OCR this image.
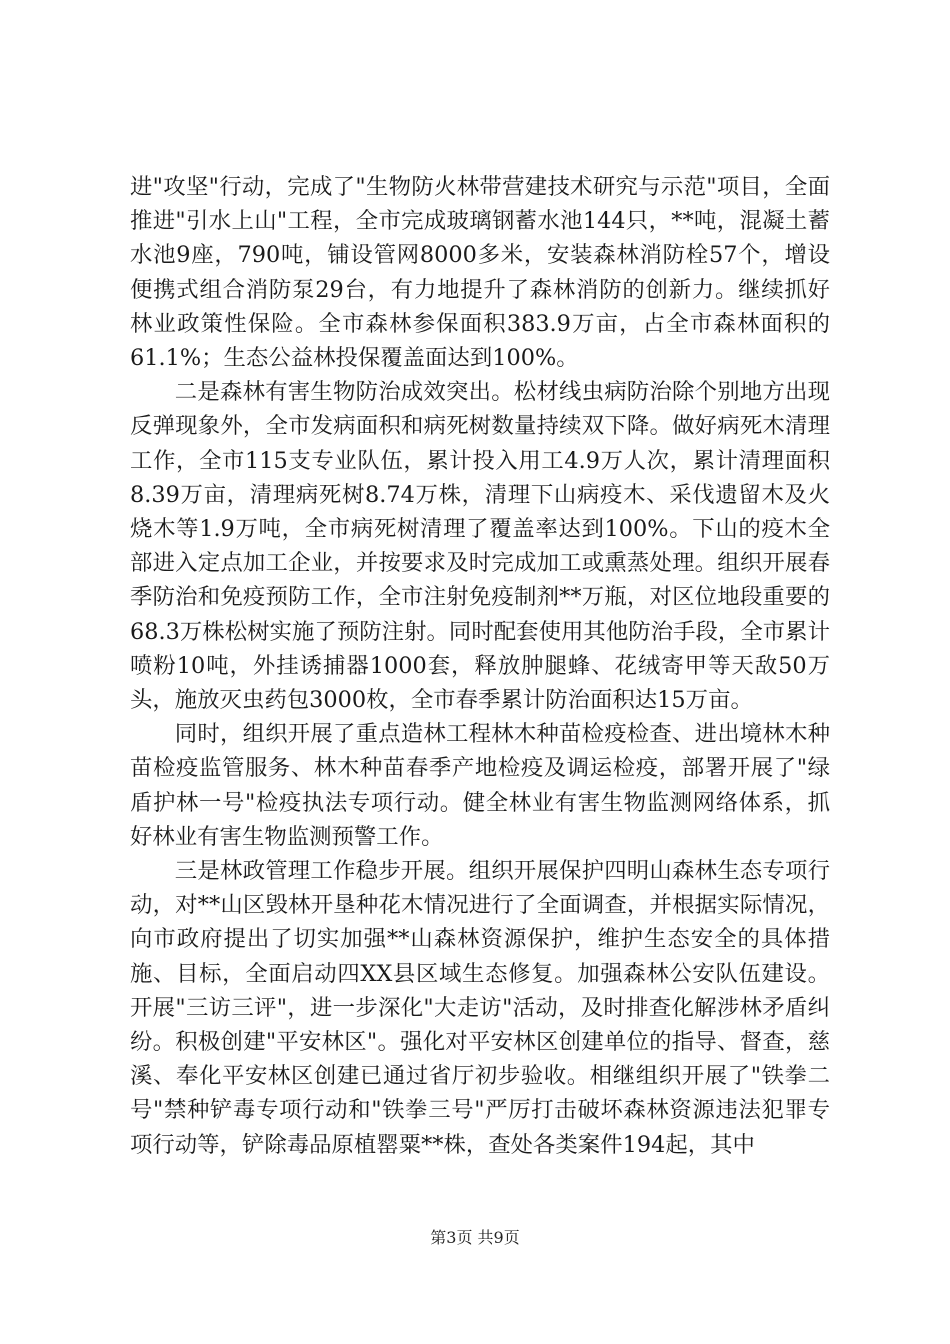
进"攻坚"行动，完成了"生物防火林带营建技术研究与示范"项目，全面推进"引水上山"工程，全市完成玻璃钢蓄水池144只，**吨，混凝土蓄水池9座，790吨，铺设管网8000多米，安装森林消防栓57个，增设便携式组合消防泵29台，有力地提升了森林消防的创新力。继续抓好林业政策性保险。全市森林参保面积383.9万亩，占全市森林面积的61.1%；生态公益林投保覆盖面达到100%。

二是森林有害生物防治成效突出。松材线虫病防治除个别地方出现反弹现象外，全市发病面积和病死树数量持续双下降。做好病死木清理工作，全市115支专业队伍，累计投入用工4.9万人次，累计清理面积8.39万亩，清理病死树8.74万株，清理下山病疫木、采伐遗留木及火烧木等1.9万吨，全市病死树清理了覆盖率达到100%。下山的疫木全部进入定点加工企业，并按要求及时完成加工或熏蒸处理。组织开展春季防治和免疫预防工作，全市注射免疫制剂**万瓶，对区位地段重要的68.3万株松树实施了预防注射。同时配套使用其他防治手段，全市累计喷粉10吨，外挂诱捕器1000套，释放肿腿蜂、花绒寄甲等天敌50万头，施放灭虫药包3000枚，全市春季累计防治面积达15万亩。

同时，组织开展了重点造林工程林木种苗检疫检查、进出境林木种苗检疫监管服务、林木种苗春季产地检疫及调运检疫，部署开展了"绿盾护林一号"检疫执法专项行动。健全林业有害生物监测网络体系，抓好林业有害生物监测预警工作。

三是林政管理工作稳步开展。组织开展保护四明山森林生态专项行动，对**山区毁林开垦种花木情况进行了全面调查，并根据实际情况，向市政府提出了切实加强**山森林资源保护，维护生态安全的具体措施、目标，全面启动四XX县区域生态修复。加强森林公安队伍建设。开展"三访三评"，进一步深化"大走访"活动，及时排查化解涉林矛盾纠纷。积极创建"平安林区"。强化对平安林区创建单位的指导、督查，慈溪、奉化平安林区创建已通过省厅初步验收。相继组织开展了"铁拳二号"禁种铲毒专项行动和"铁拳三号"严厉打击破坏森林资源违法犯罪专项行动等，铲除毒品原植罂粟**株，查处各类案件194起，其中

第3页 共9页
